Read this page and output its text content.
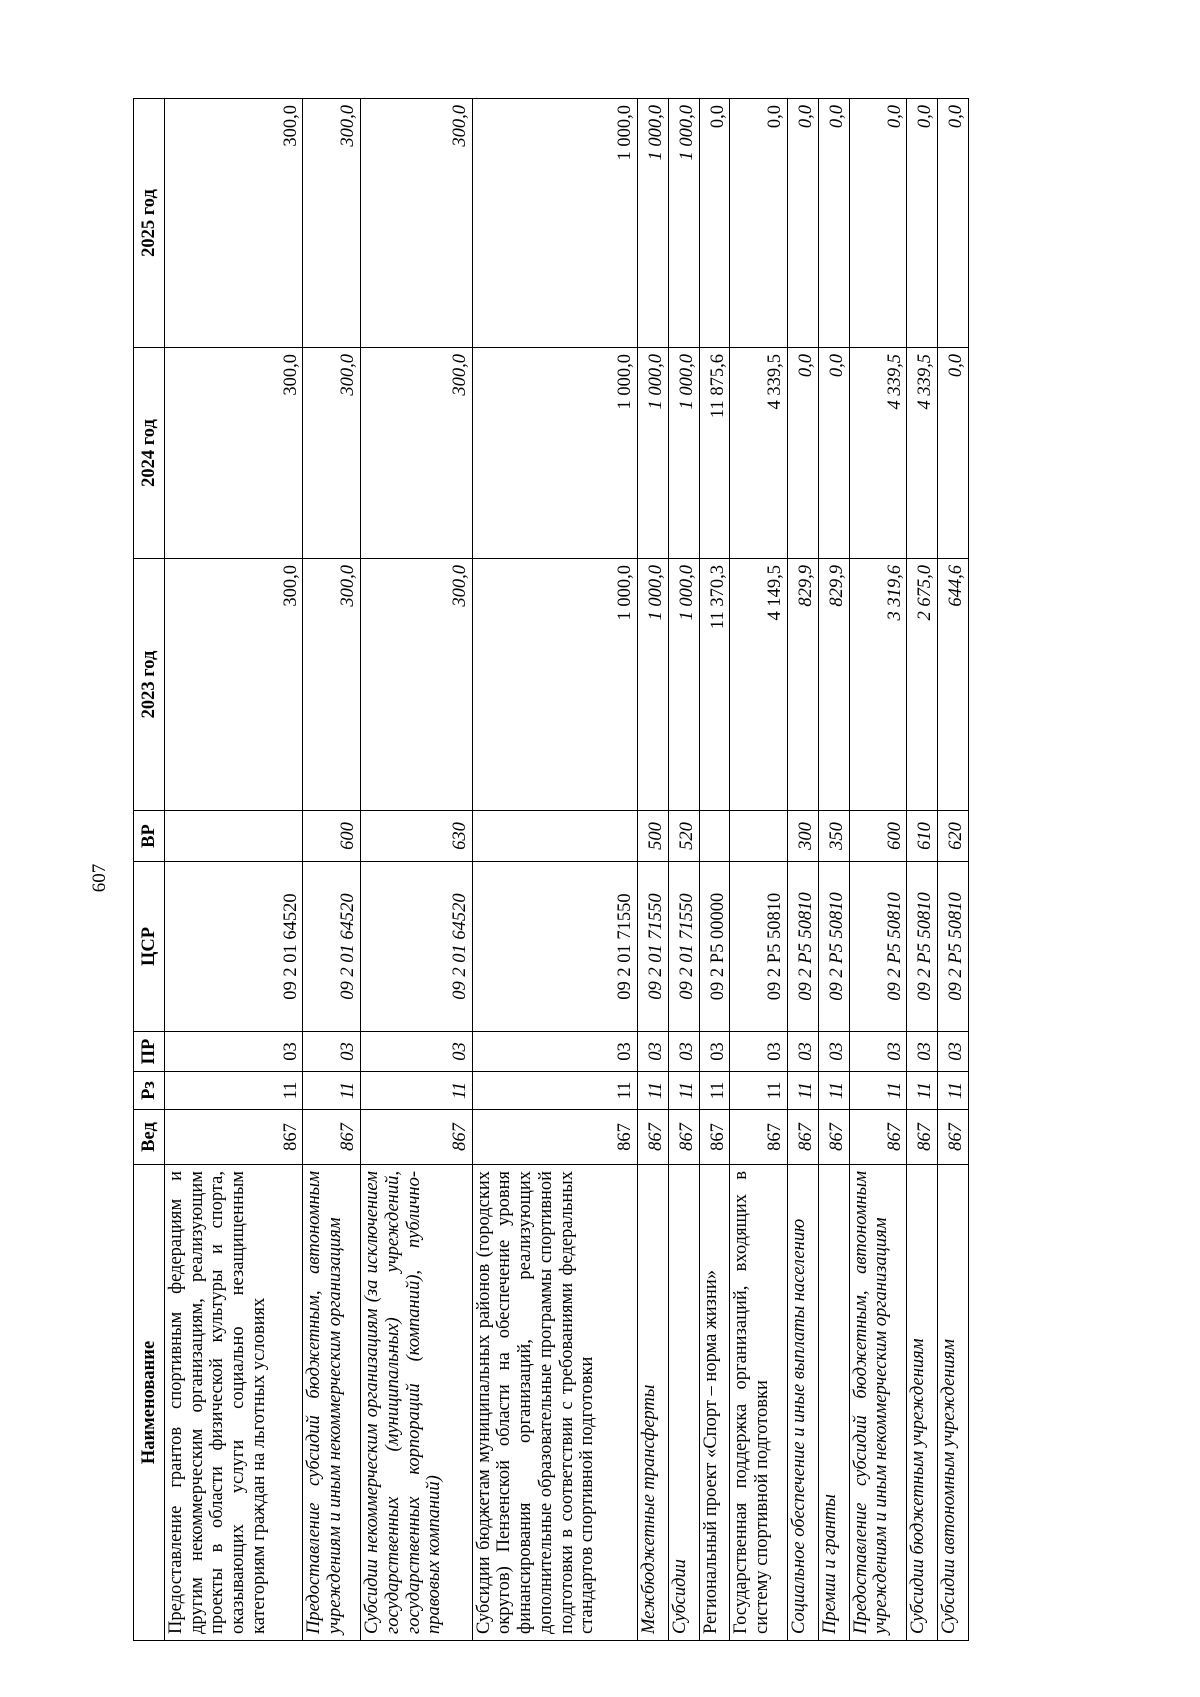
607
Наименование	Вед	Рз	ПР	ЦСР	ВР	2023 год	2024 год	2025 год
Предоставление грантов спортивным федерациям и другим некоммерческим организациям, реализующим проекты в области физической культуры и спорта, оказывающих услуги социально незащищенным категориям граждан на льготных условиях	867	11	03	09 2 01 64520		300,0	300,0	300,0
Предоставление субсидий бюджетным, автономным учреждениям и иным некоммерческим организациям	867	11	03	09 2 01 64520	600	300,0	300,0	300,0
Субсидии некоммерческим организациям (за исключением государственных (муниципальных) учреждений, государственных корпораций (компаний), публично-правовых компаний)	867	11	03	09 2 01 64520	630	300,0	300,0	300,0
Субсидии бюджетам муниципальных районов (городских округов) Пензенской области на обеспечение уровня финансирования организаций, реализующих дополнительные образовательные программы спортивной подготовки в соответствии с требованиями федеральных стандартов спортивной подготовки	867	11	03	09 2 01 71550		1 000,0	1 000,0	1 000,0
Межбюджетные трансферты	867	11	03	09 2 01 71550	500	1 000,0	1 000,0	1 000,0
Субсидии	867	11	03	09 2 01 71550	520	1 000,0	1 000,0	1 000,0
Региональный проект «Спорт – норма жизни»	867	11	03	09 2 P5 00000		11 370,3	11 875,6	0,0
Государственная поддержка организаций, входящих в систему спортивной подготовки	867	11	03	09 2 P5 50810		4 149,5	4 339,5	0,0
Социальное обеспечение и иные выплаты населению	867	11	03	09 2 P5 50810	300	829,9	0,0	0,0
Премии и гранты	867	11	03	09 2 P5 50810	350	829,9	0,0	0,0
Предоставление субсидий бюджетным, автономным учреждениям и иным некоммерческим организациям	867	11	03	09 2 P5 50810	600	3 319,6	4 339,5	0,0
Субсидии бюджетным учреждениям	867	11	03	09 2 P5 50810	610	2 675,0	4 339,5	0,0
Субсидии автономным учреждениям	867	11	03	09 2 P5 50810	620	644,6	0,0	0,0
